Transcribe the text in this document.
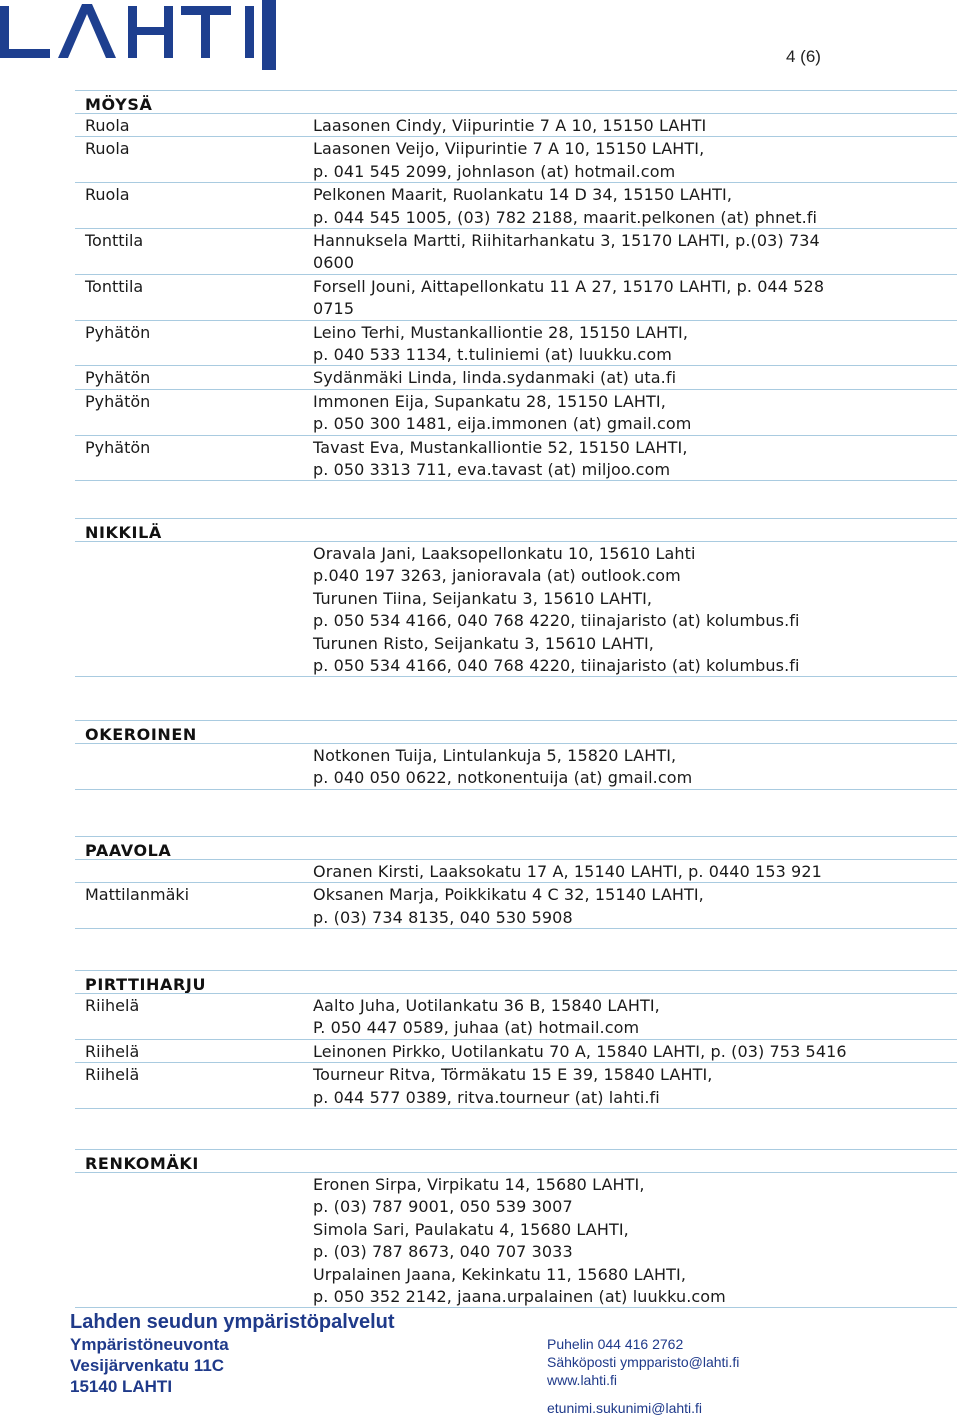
LAHTI
4 (6)
MÖYSÄ
Ruola	Laasonen Cindy, Viipurintie 7 A 10, 15150 LAHTI
Ruola	Laasonen Veijo, Viipurintie 7 A 10, 15150 LAHTI,
p. 041 545 2099, johnlason (at) hotmail.com
Ruola	Pelkonen Maarit, Ruolankatu 14 D 34, 15150 LAHTI,
p. 044 545 1005, (03) 782 2188, maarit.pelkonen (at) phnet.fi
Tonttila	Hannuksela Martti, Riihitarhankatu 3, 15170 LAHTI, p.(03) 734
0600
Tonttila	Forsell Jouni, Aittapellonkatu 11 A 27, 15170 LAHTI, p. 044 528
0715
Pyhätön	Leino Terhi, Mustankalliontie 28, 15150 LAHTI,
p. 040 533 1134, t.tuliniemi (at) luukku.com
Pyhätön	Sydänmäki Linda, linda.sydanmaki (at) uta.fi
Pyhätön	Immonen Eija, Supankatu 28, 15150 LAHTI,
p. 050 300 1481, eija.immonen (at) gmail.com
Pyhätön	Tavast Eva, Mustankalliontie 52, 15150 LAHTI,
p. 050 3313 711, eva.tavast (at) miljoo.com
NIKKILÄ
Oravala Jani, Laaksopellonkatu 10, 15610 Lahti
p.040 197 3263, janioravala (at) outlook.com
Turunen Tiina, Seijankatu 3, 15610 LAHTI,
p. 050 534 4166, 040 768 4220, tiinajaristo (at) kolumbus.fi
Turunen Risto, Seijankatu 3, 15610 LAHTI,
p. 050 534 4166, 040 768 4220, tiinajaristo (at) kolumbus.fi
OKEROINEN
Notkonen Tuija, Lintulankuja 5, 15820 LAHTI,
p. 040 050 0622, notkonentuija (at) gmail.com
PAAVOLA
Oranen Kirsti, Laaksokatu 17 A, 15140 LAHTI, p. 0440 153 921
Mattilanmäki	Oksanen Marja, Poikkikatu 4 C 32, 15140 LAHTI,
p. (03) 734 8135, 040 530 5908
PIRTTIHARJU
Riihelä	Aalto Juha, Uotilankatu 36 B, 15840 LAHTI,
P. 050 447 0589, juhaa (at) hotmail.com
Riihelä	Leinonen Pirkko, Uotilankatu 70 A, 15840 LAHTI, p. (03) 753 5416
Riihelä	Tourneur Ritva, Törmäkatu 15 E 39, 15840 LAHTI,
p. 044 577 0389, ritva.tourneur (at) lahti.fi
RENKOMÄKI
Eronen Sirpa, Virpikatu 14, 15680 LAHTI,
p. (03) 787 9001, 050 539 3007
Simola Sari, Paulakatu 4, 15680 LAHTI,
p. (03) 787 8673, 040 707 3033
Urpalainen Jaana, Kekinkatu 11, 15680 LAHTI,
p. 050 352 2142, jaana.urpalainen (at) luukku.com
Lahden seudun ympäristöpalvelut
Ympäristöneuvonta
Vesijärvenkatu 11C
15140 LAHTI
Puhelin 044 416 2762
Sähköposti ympparisto@lahti.fi
www.lahti.fi
etunimi.sukunimi@lahti.fi
